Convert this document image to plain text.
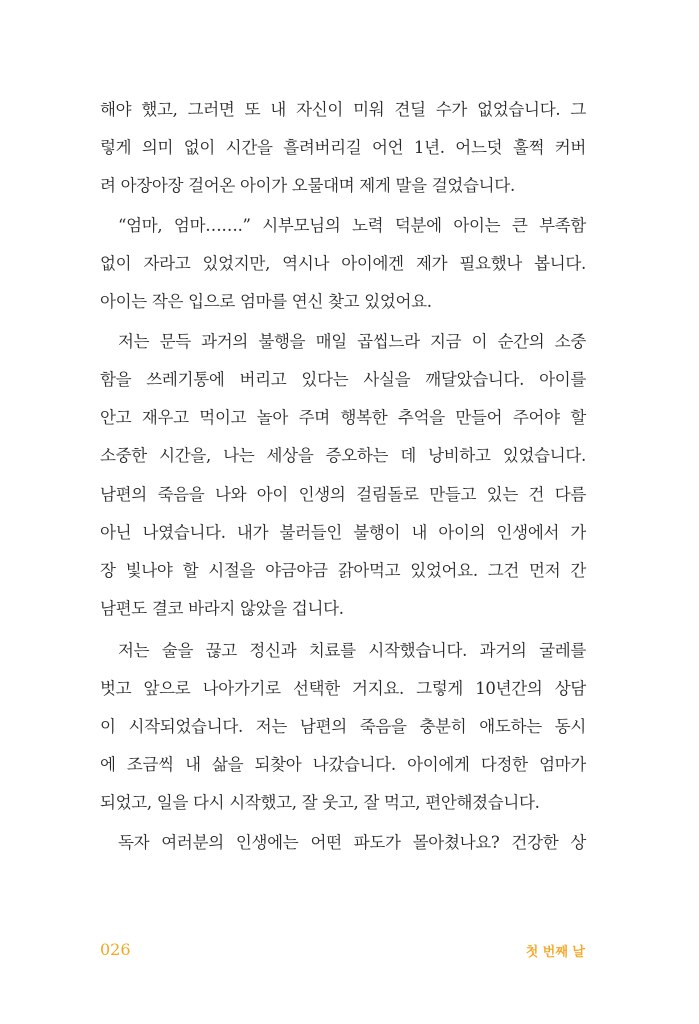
해야 했고, 그러면 또 내 자신이 미워 견딜 수가 없었습니다. 그
렇게 의미 없이 시간을 흘려버리길 어언 1년. 어느덧 훌쩍 커버
려 아장아장 걸어온 아이가 오물대며 제게 말을 걸었습니다.
“엄마, 엄마…….” 시부모님의 노력 덕분에 아이는 큰 부족함
없이 자라고 있었지만, 역시나 아이에겐 제가 필요했나 봅니다.
아이는 작은 입으로 엄마를 연신 찾고 있었어요.
저는 문득 과거의 불행을 매일 곱씹느라 지금 이 순간의 소중
함을 쓰레기통에 버리고 있다는 사실을 깨달았습니다. 아이를
안고 재우고 먹이고 놀아 주며 행복한 추억을 만들어 주어야 할
소중한 시간을, 나는 세상을 증오하는 데 낭비하고 있었습니다.
남편의 죽음을 나와 아이 인생의 걸림돌로 만들고 있는 건 다름
아닌 나였습니다. 내가 불러들인 불행이 내 아이의 인생에서 가
장 빛나야 할 시절을 야금야금 갉아먹고 있었어요. 그건 먼저 간
남편도 결코 바라지 않았을 겁니다.
저는 술을 끊고 정신과 치료를 시작했습니다. 과거의 굴레를
벗고 앞으로 나아가기로 선택한 거지요. 그렇게 10년간의 상담
이 시작되었습니다. 저는 남편의 죽음을 충분히 애도하는 동시
에 조금씩 내 삶을 되찾아 나갔습니다. 아이에게 다정한 엄마가
되었고, 일을 다시 시작했고, 잘 웃고, 잘 먹고, 편안해졌습니다.
독자 여러분의 인생에는 어떤 파도가 몰아쳤나요? 건강한 상
026	첫 번째 날
